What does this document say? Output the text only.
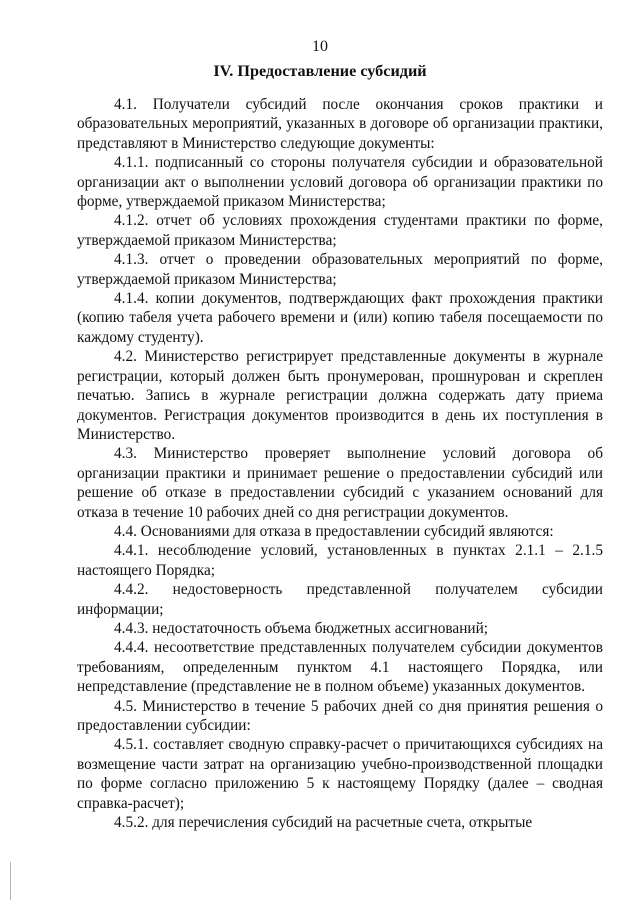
10
IV. Предоставление субсидий

4.1. Получатели субсидий после окончания сроков практики и образовательных мероприятий, указанных в договоре об организации практики, представляют в Министерство следующие документы:

4.1.1. подписанный со стороны получателя субсидии и образовательной организации акт о выполнении условий договора об организации практики по форме, утверждаемой приказом Министерства;

4.1.2. отчет об условиях прохождения студентами практики по форме, утверждаемой приказом Министерства;

4.1.3. отчет о проведении образовательных мероприятий по форме, утверждаемой приказом Министерства;

4.1.4. копии документов, подтверждающих факт прохождения практики (копию табеля учета рабочего времени и (или) копию табеля посещаемости по каждому студенту).

4.2. Министерство регистрирует представленные документы в журнале регистрации, который должен быть пронумерован, прошнурован и скреплен печатью. Запись в журнале регистрации должна содержать дату приема документов. Регистрация документов производится в день их поступления в Министерство.

4.3. Министерство проверяет выполнение условий договора об организации практики и принимает решение о предоставлении субсидий или решение об отказе в предоставлении субсидий с указанием оснований для отказа в течение 10 рабочих дней со дня регистрации документов.

4.4. Основаниями для отказа в предоставлении субсидий являются:

4.4.1. несоблюдение условий, установленных в пунктах 2.1.1 – 2.1.5 настоящего Порядка;

4.4.2. недостоверность представленной получателем субсидии информации;

4.4.3. недостаточность объема бюджетных ассигнований;

4.4.4. несоответствие представленных получателем субсидии документов требованиям, определенным пунктом 4.1 настоящего Порядка, или непредставление (представление не в полном объеме) указанных документов.

4.5. Министерство в течение 5 рабочих дней со дня принятия решения о предоставлении субсидии:

4.5.1. составляет сводную справку-расчет о причитающихся субсидиях на возмещение части затрат на организацию учебно-производственной площадки по форме согласно приложению 5 к настоящему Порядку (далее – сводная справка-расчет);

4.5.2. для перечисления субсидий на расчетные счета, открытые
